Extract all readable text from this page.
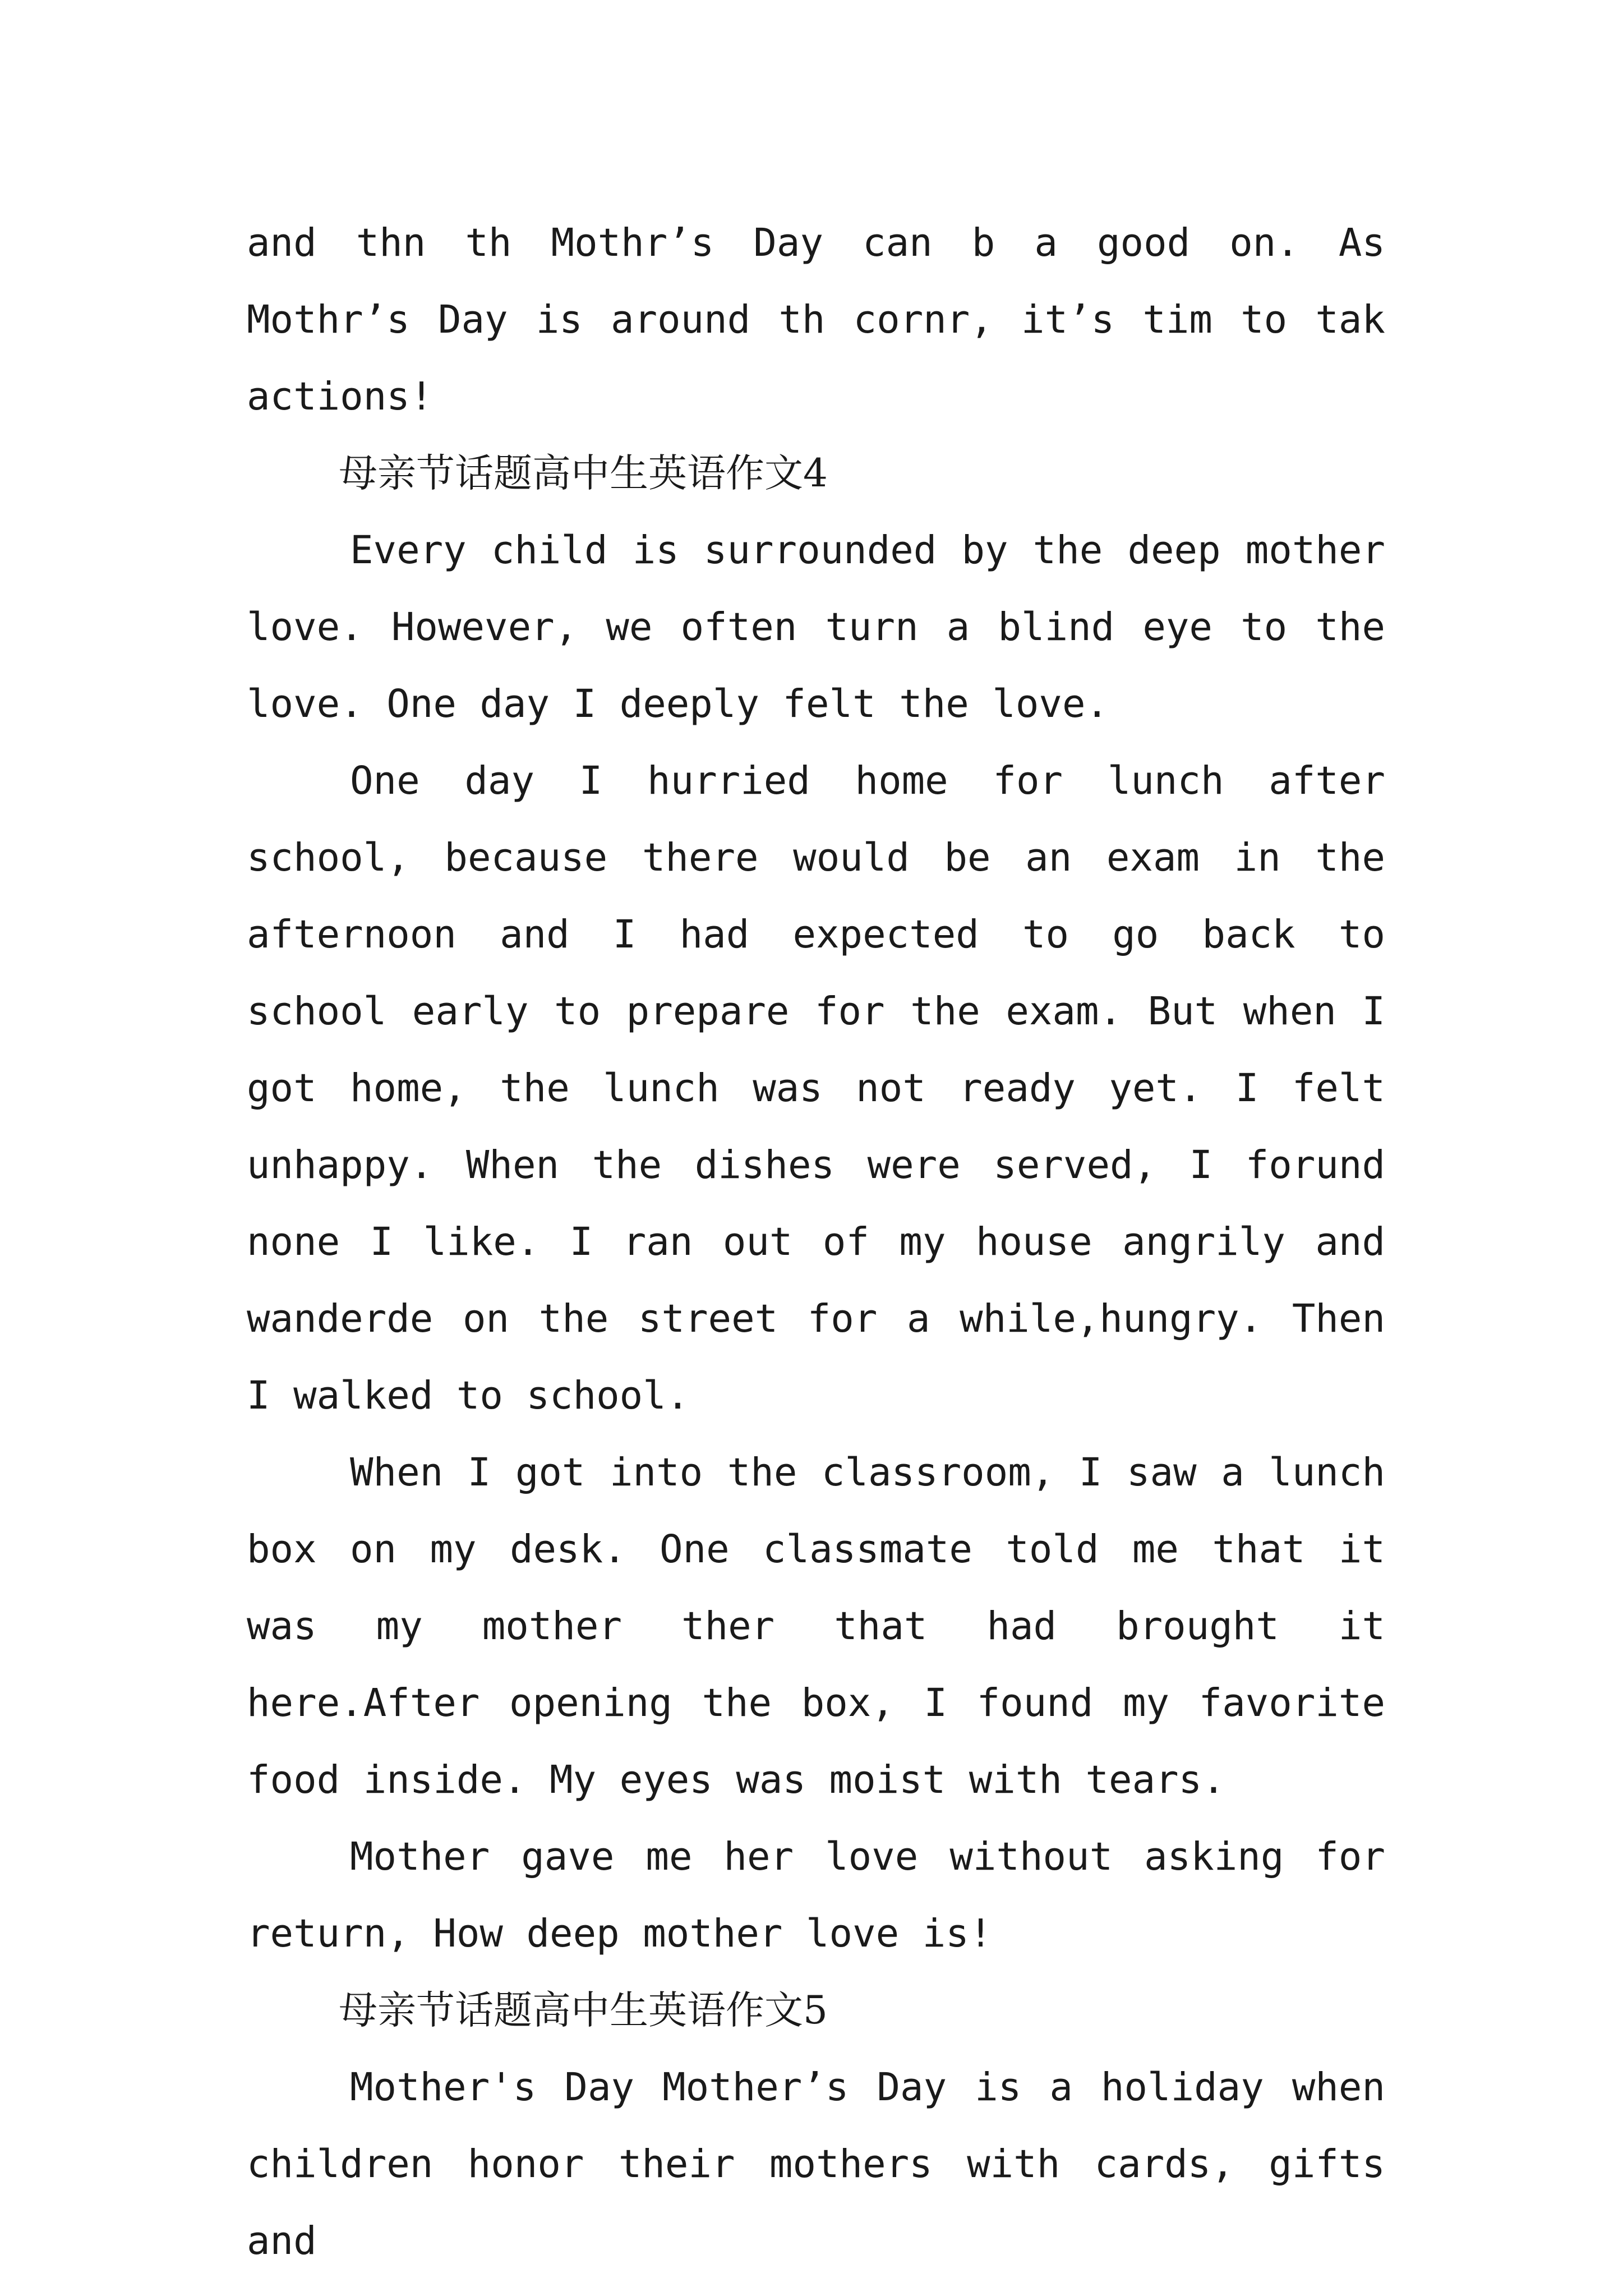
and thn th Mothr’s Day can b a good on. As Mothr’s Day is around th cornr, it’s tim to tak actions!

母亲节话题高中生英语作文4

Every child is surrounded by the deep mother love. However, we often turn a blind eye to the love. One day I deeply felt the love.

One day I hurried home for lunch after school, because there would be an exam in the afternoon and I had expected to go back to school early to prepare for the exam. But when I got home, the lunch was not ready yet. I felt unhappy. When the dishes were served, I forund none I like. I ran out of my house angrily and wanderde on the street for a while,hungry. Then I walked to school.

When I got into the classroom, I saw a lunch box on my desk. One classmate told me that it was my mother ther that had brought it here.After opening the box, I found my favorite food inside. My eyes was moist with tears.

Mother gave me her love without asking for return, How deep mother love is!

母亲节话题高中生英语作文5

Mother's Day Mother’s Day is a holiday when children honor their mothers with cards, gifts and
